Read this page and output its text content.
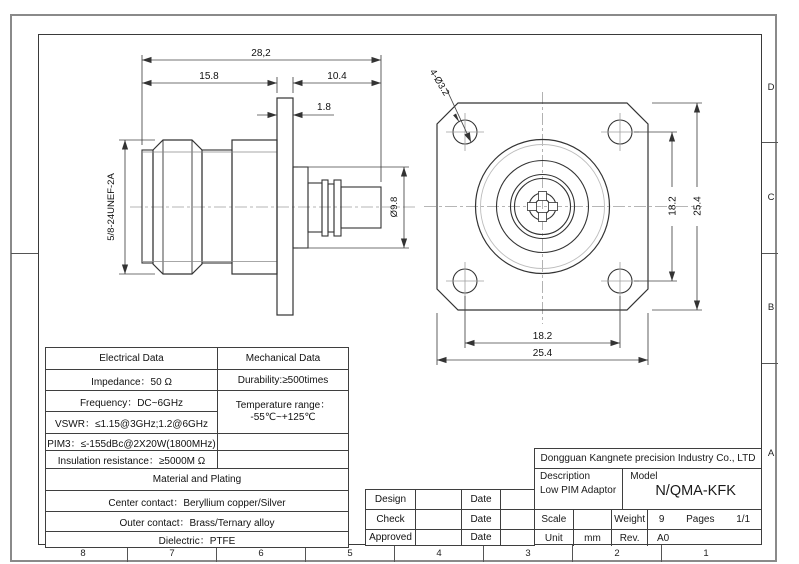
D
C
B
A
8	7	6	5	4	3	2	1
28,2
15.8	10.4
1.8
5/8-24UNEF-2A	Ø9.8
18.2
25.4
18.2 25.4
4-Ø3.2
Electrical Data	Mechanical Data
Impedance：50 Ω	Durability:≥500times
Frequency：DC~6GHz	Temperature range：
-55℃~+125℃

VSWR：≤1.15@3GHz;1.2@6GHz	
PIM3：≤-155dBc@2X20W(1800MHz)	
Insulation resistance：≥5000M Ω	
Material and Plating	
Center contact：Beryllium copper/Silver	
Outer contact：Brass/Ternary alloy	
Dielectric：PTFE	
Design		Date	
Check		Date	
Approved		Date	
Dongguan Kangnete precision Industry Co., LTD
Description
Low PIM Adaptor
Model
N/QMA-KFK
Scale	Weight 9 Pages 1/1
Unit	mm	Rev.	A0
